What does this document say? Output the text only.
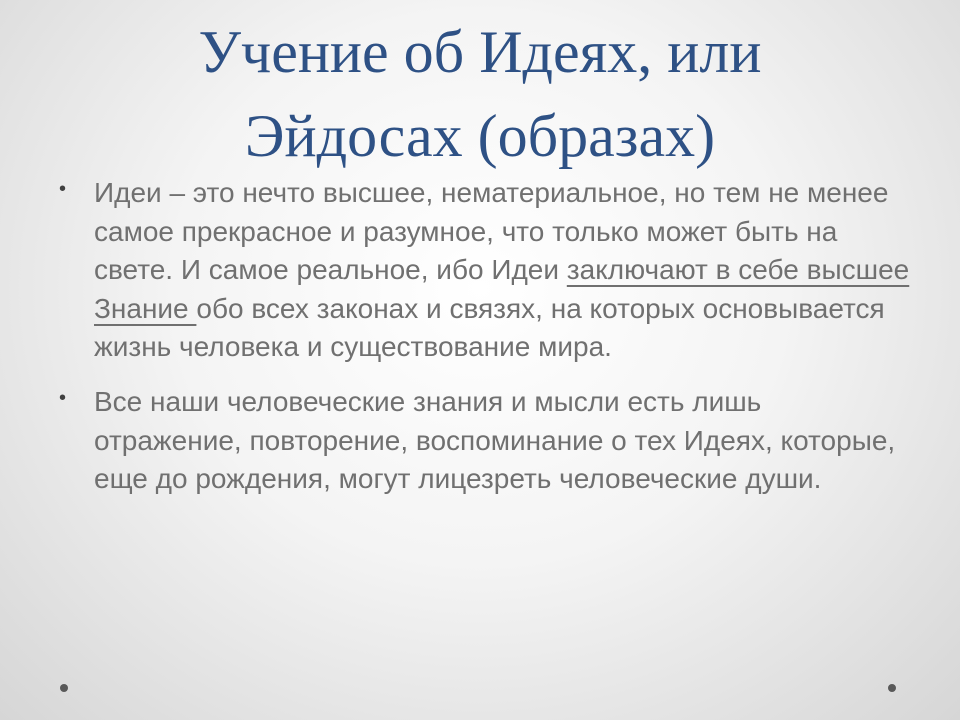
Учение об Идеях, или
Эйдосах (образах)
• Идеи – это нечто высшее, нематериальное, но тем не менее самое прекрасное и разумное, что только может быть на свете. И самое реальное, ибо Идеи заключают в себе высшее Знание обо всех законах и связях, на которых основывается жизнь человека и существование мира.
• Все наши человеческие знания и мысли есть лишь отражение, повторение, воспоминание о тех Идеях, которые, еще до рождения, могут лицезреть человеческие души.
